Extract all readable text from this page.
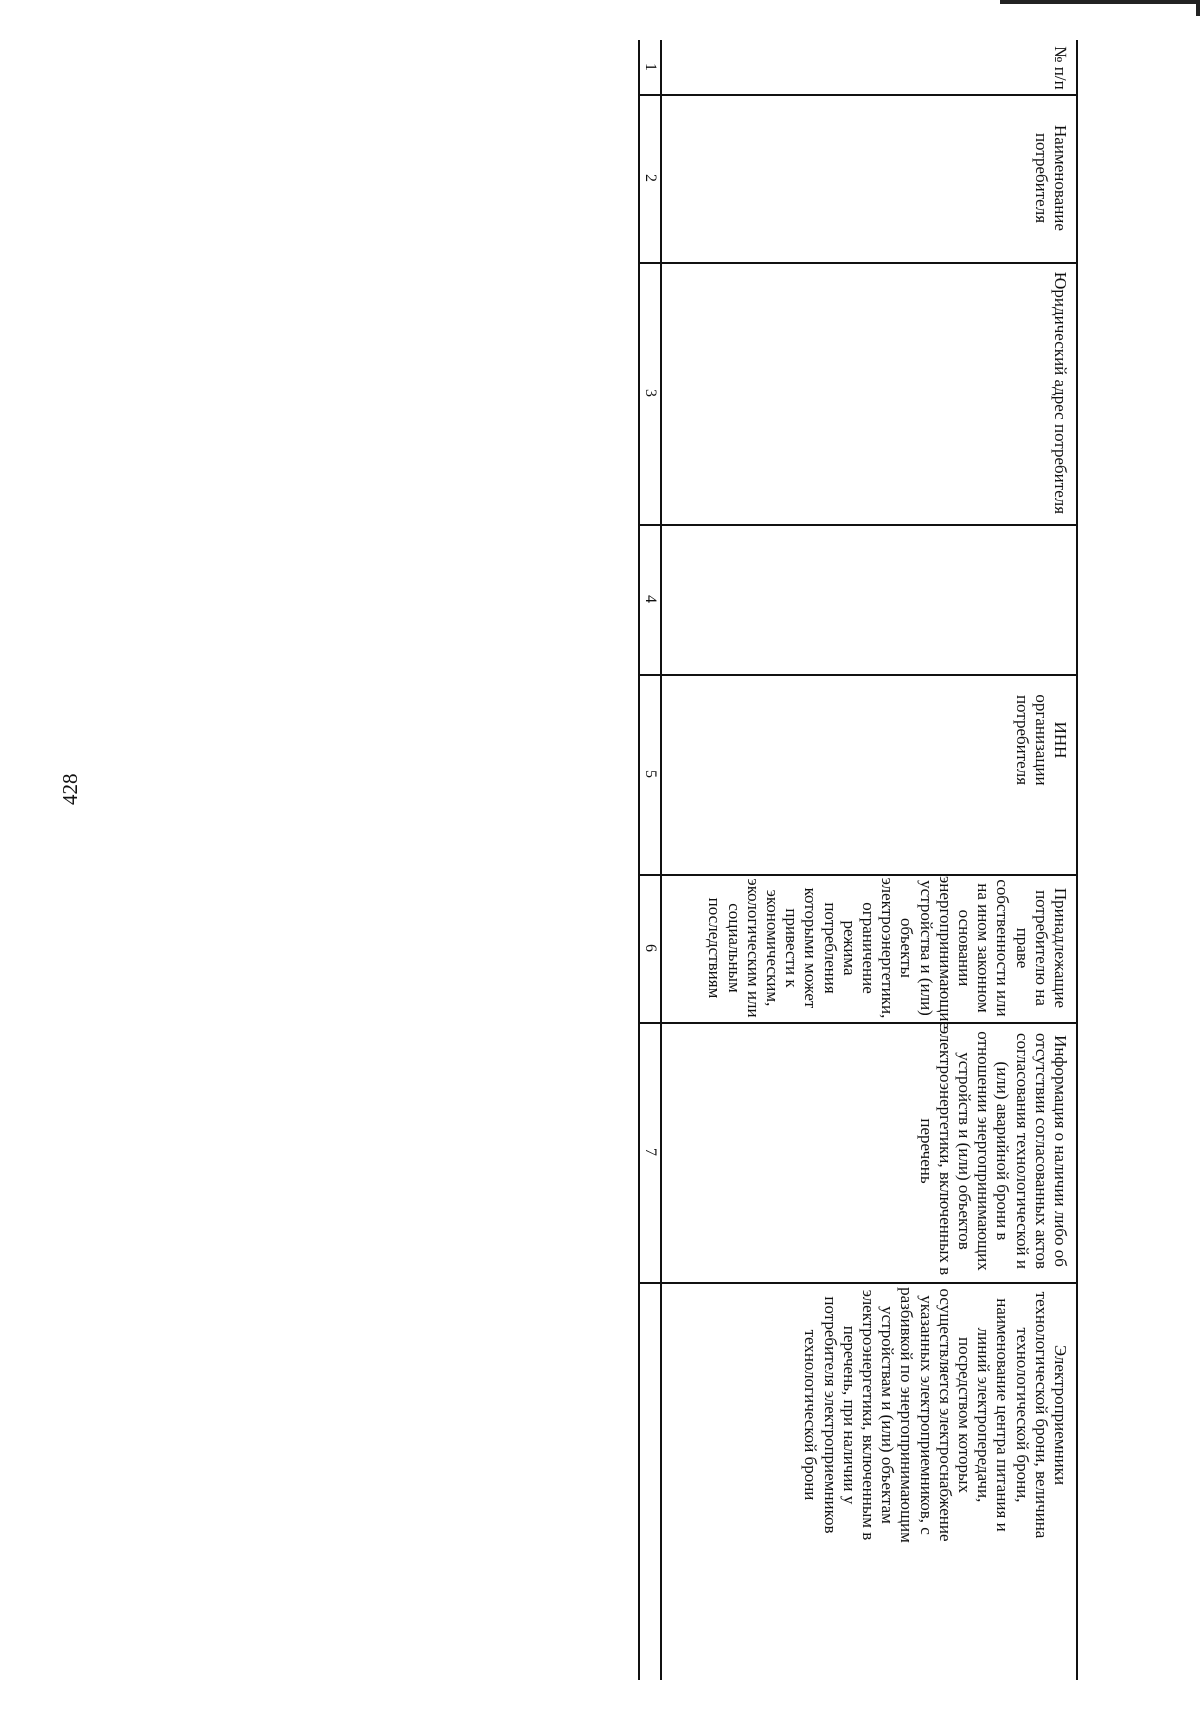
428
№ п/п
Наименование потребителя
Юридический адрес потребителя
ИНН организации потребителя
Принадлежащие потребителю на праве собственности или на ином законном основании энергопринимающие устройства и (или) объекты электроэнергетики, ограничение режима потребления которыми может привести к экономическим, экологическим или социальным последствиям
Информация о наличии либо об отсутствии согласованных актов согласования технологической и (или) аварийной брони в отношении энергопринимающих устройств и (или) объектов электроэнергетики, включенных в перечень
Электроприемники технологической брони, величина технологической брони, наименование центра питания и линий электропередачи, посредством которых осуществляется электроснабжение указанных электроприемников, с разбивкой по энергопринимающим устройствам и (или) объектам электроэнергетики, включенным в перечень, при наличии у потребителя электроприемников технологической брони
1
2
3
4
5
6
7
